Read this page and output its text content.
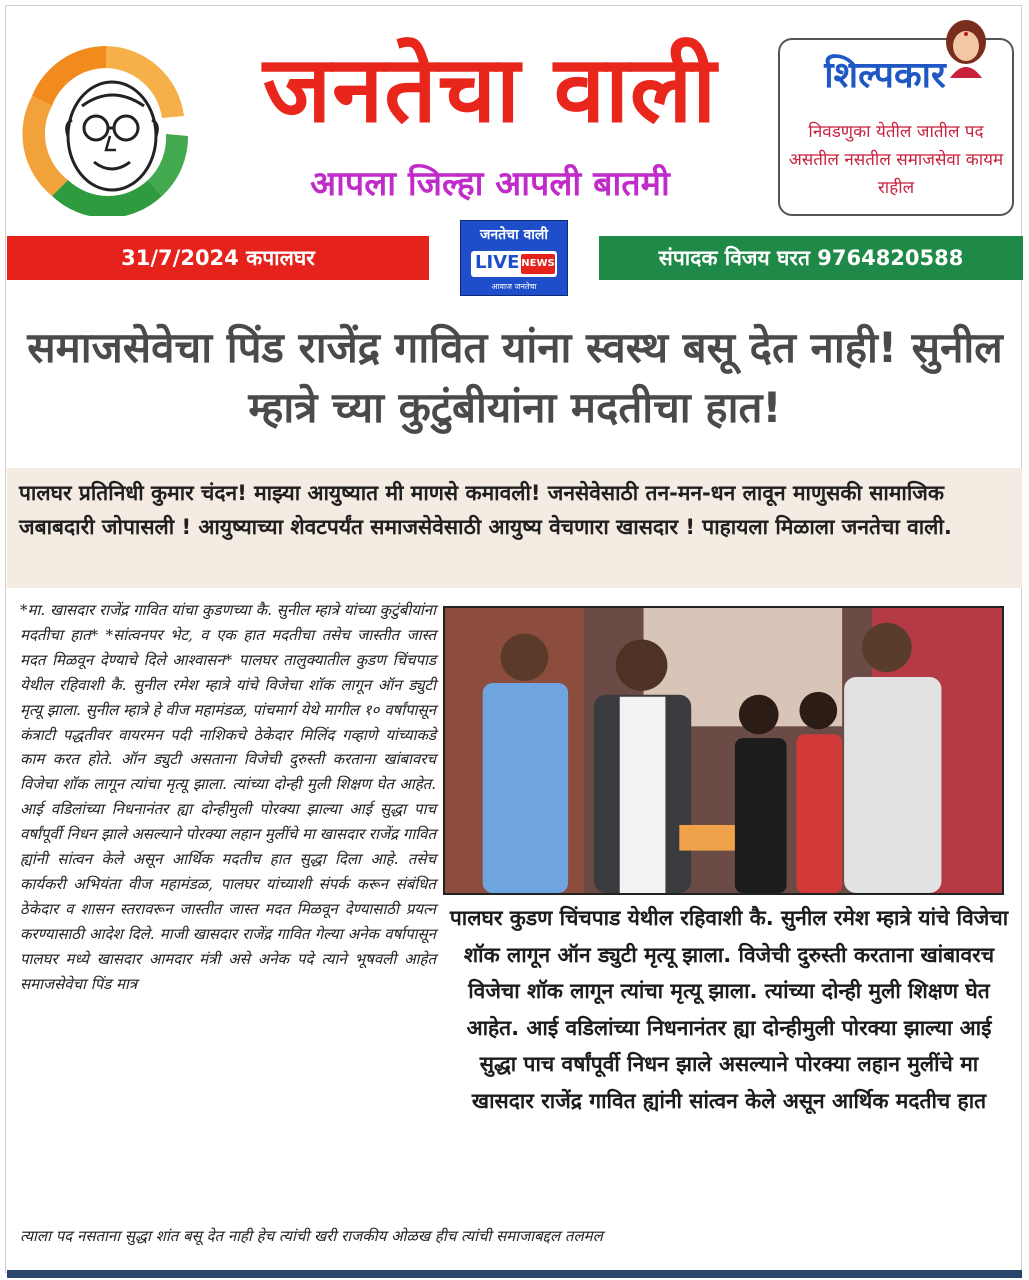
जनतेचा वाली
आपला जिल्हा आपली बातमी
शिल्पकार
निवडणुका येतील जातील पद असतील नसतील समाजसेवा कायम राहील
31/7/2024 कपालघर
जनतेचा वाली
LIVE NEWS
आवाज जनतेचा
संपादक विजय घरत 9764820588
समाजसेवेचा पिंड राजेंद्र गावित यांना स्वस्थ बसू देत नाही! सुनील म्हात्रे च्या कुटुंबीयांना मदतीचा हात!
पालघर प्रतिनिधी कुमार चंदन! माझ्या आयुष्यात मी माणसे कमावली! जनसेवेसाठी तन-मन-धन लावून माणुसकी सामाजिक जबाबदारी जोपासली ! आयुष्याच्या शेवटपर्यंत समाजसेवेसाठी आयुष्य वेचणारा खासदार ! पाहायला मिळाला जनतेचा वाली.
*मा. खासदार राजेंद्र गावित यांचा कुडणच्या कै. सुनील म्हात्रे यांच्या कुटुंबीयांना मदतीचा हात* *सांत्वनपर भेट, व एक हात मदतीचा तसेच जास्तीत जास्त मदत मिळवून देण्याचे दिले आश्वासन* पालघर तालुक्यातील कुडण चिंचपाड येथील रहिवाशी कै. सुनील रमेश म्हात्रे यांचे विजेचा शॉक लागून ऑन ड्युटी मृत्यू झाला. सुनील म्हात्रे हे वीज महामंडळ, पांचमार्ग येथे मागील १० वर्षांपासून कंत्राटी पद्धतीवर वायरमन पदी नाशिकचे ठेकेदार मिलिंद गव्हाणे यांच्याकडे काम करत होते. ऑन ड्युटी असताना विजेची दुरुस्ती करताना खांबावरच विजेचा शॉक लागून त्यांचा मृत्यू झाला. त्यांच्या दोन्ही मुली शिक्षण घेत आहेत. आई वडिलांच्या निधनानंतर ह्या दोन्हीमुली पोरक्या झाल्या आई सुद्धा पाच वर्षांपूर्वी निधन झाले असल्याने पोरक्या लहान मुलींचे मा खासदार राजेंद्र गावित ह्यांनी सांत्वन केले असून आर्थिक मदतीच हात सुद्धा दिला आहे. तसेच कार्यकरी अभियंता वीज महामंडळ, पालघर यांच्याशी संपर्क करून संबंधित ठेकेदार व शासन स्तरावरून जास्तीत जास्त मदत मिळवून देण्यासाठी प्रयत्न करण्यासाठी आदेश दिले. माजी खासदार राजेंद्र गावित गेल्या अनेक वर्षापासून पालघर मध्ये खासदार आमदार मंत्री असे अनेक पदे त्याने भूषवली आहेत समाजसेवेचा पिंड मात्र
पालघर कुडण चिंचपाड येथील रहिवाशी कै. सुनील रमेश म्हात्रे यांचे विजेचा शॉक लागून ऑन ड्युटी मृत्यू झाला. विजेची दुरुस्ती करताना खांबावरच विजेचा शॉक लागून त्यांचा मृत्यू झाला. त्यांच्या दोन्ही मुली शिक्षण घेत आहेत. आई वडिलांच्या निधनानंतर ह्या दोन्हीमुली पोरक्या झाल्या आई सुद्धा पाच वर्षांपूर्वी निधन झाले असल्याने पोरक्या लहान मुलींचे मा खासदार राजेंद्र गावित ह्यांनी सांत्वन केले असून आर्थिक मदतीच हात
त्याला पद नसताना सुद्धा शांत बसू देत नाही हेच त्यांची खरी राजकीय ओळख हीच त्यांची समाजाबद्दल तलमल
